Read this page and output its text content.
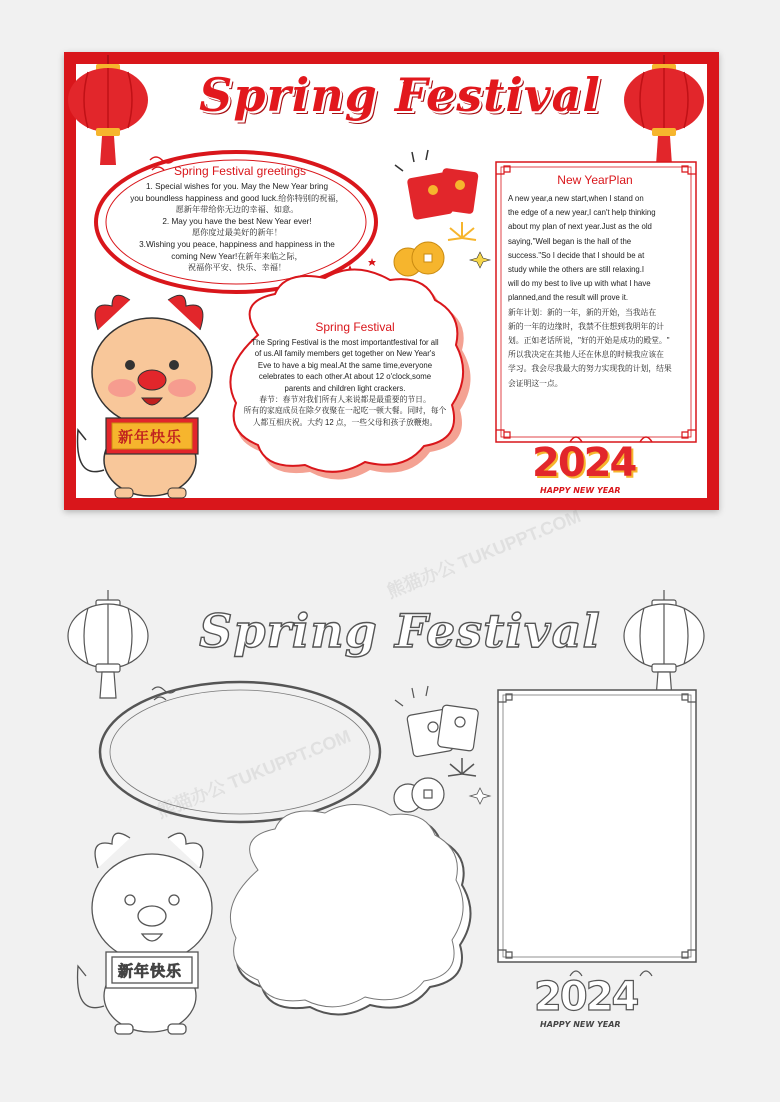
Spring Festival
Spring Festival
Spring Festival greetings
1. Special wishes for you. May the New Year bring
you boundless happiness and good luck.给你特别的祝福，
愿新年带给你无边的幸福、如意。
2. May you have the best New Year ever!
愿你度过最美好的新年！
3.Wishing you peace, happiness and happiness in the
coming New Year!在新年来临之际，
祝福你平安、快乐、幸福！
Spring Festival
The Spring Festival is the most importantfestival for all
of us.All family members get together on New Year's
Eve to have a big meal.At the same time,everyone
celebrates to each other.At about 12 o'clock,some
parents and children light crackers.
春节：春节对我们所有人来说都是最重要的节日。
所有的家庭成员在除夕夜聚在一起吃一顿大餐。同时，每个
人都互相庆祝。大约 12 点，一些父母和孩子放鞭炮。
New YearPlan

A new year,a new start,when I stand on

the edge of a new year,I can't help thinking

about my plan of next year.Just as the old

saying,"Well began is the hall of the

success."So I decide that I should be at

study while the others are still relaxing.I

will do my best to live up with what I have

planned,and the result will prove it.

新年计划：新的一年，新的开始，当我站在

新的一年的边缘时，我禁不住想到我明年的计

划。正如老话所说，"好的开始是成功的殿堂。"

所以我决定在其他人还在休息的时候我应该在

学习。我会尽我最大的努力实现我的计划，结果

会证明这一点。

新年快乐
新年快乐
2024
HAPPY NEW YEAR
2024
HAPPY NEW YEAR
熊猫办公 TUKUPPT.COM
熊猫办公 TUKUPPT.COM
